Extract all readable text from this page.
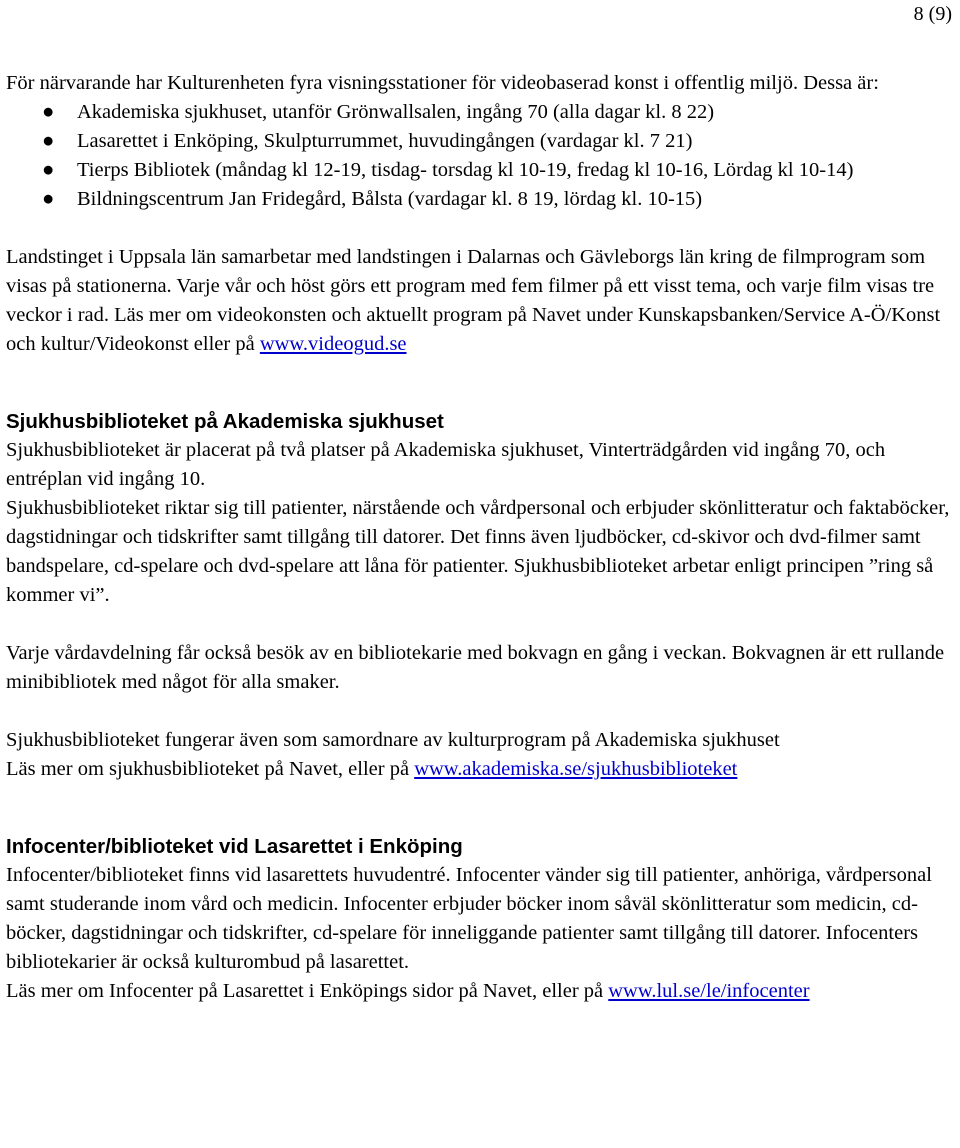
8 (9)

För närvarande har Kulturenheten fyra visningsstationer för videobaserad konst i offentlig miljö. Dessa är:

● Akademiska sjukhuset, utanför Grönwallsalen, ingång 70 (alla dagar kl. 8 22)
● Lasarettet i Enköping, Skulpturrummet, huvudingången (vardagar kl. 7 21)
● Tierps Bibliotek (måndag kl 12-19, tisdag- torsdag kl 10-19, fredag kl 10-16, Lördag kl 10-14)
● Bildningscentrum Jan Fridegård, Bålsta (vardagar kl. 8 19, lördag kl. 10-15)

Landstinget i Uppsala län samarbetar med landstingen i Dalarnas och Gävleborgs län kring de filmprogram som visas på stationerna. Varje vår och höst görs ett program med fem filmer på ett visst tema, och varje film visas tre veckor i rad. Läs mer om videokonsten och aktuellt program på Navet under Kunskapsbanken/Service A-Ö/Konst och kultur/Videokonst eller på www.videogud.se

Sjukhusbiblioteket på Akademiska sjukhuset

Sjukhusbiblioteket är placerat på två platser på Akademiska sjukhuset, Vinterträdgården vid ingång 70, och entréplan vid ingång 10.

Sjukhusbiblioteket riktar sig till patienter, närstående och vårdpersonal och erbjuder skönlitteratur och faktaböcker, dagstidningar och tidskrifter samt tillgång till datorer. Det finns även ljudböcker, cd-skivor och dvd-filmer samt bandspelare, cd-spelare och dvd-spelare att låna för patienter. Sjukhusbiblioteket arbetar enligt principen ”ring så kommer vi”.

Varje vårdavdelning får också besök av en bibliotekarie med bokvagn en gång i veckan. Bokvagnen är ett rullande minibibliotek med något för alla smaker.

Sjukhusbiblioteket fungerar även som samordnare av kulturprogram på Akademiska sjukhuset

Läs mer om sjukhusbiblioteket på Navet, eller på www.akademiska.se/sjukhusbiblioteket

Infocenter/biblioteket vid Lasarettet i Enköping

Infocenter/biblioteket finns vid lasarettets huvudentré. Infocenter vänder sig till patienter, anhöriga, vårdpersonal samt studerande inom vård och medicin. Infocenter erbjuder böcker inom såväl skönlitteratur som medicin, cd-böcker, dagstidningar och tidskrifter, cd-spelare för inneliggande patienter samt tillgång till datorer. Infocenters bibliotekarier är också kulturombud på lasarettet.

Läs mer om Infocenter på Lasarettet i Enköpings sidor på Navet, eller på www.lul.se/le/infocenter
